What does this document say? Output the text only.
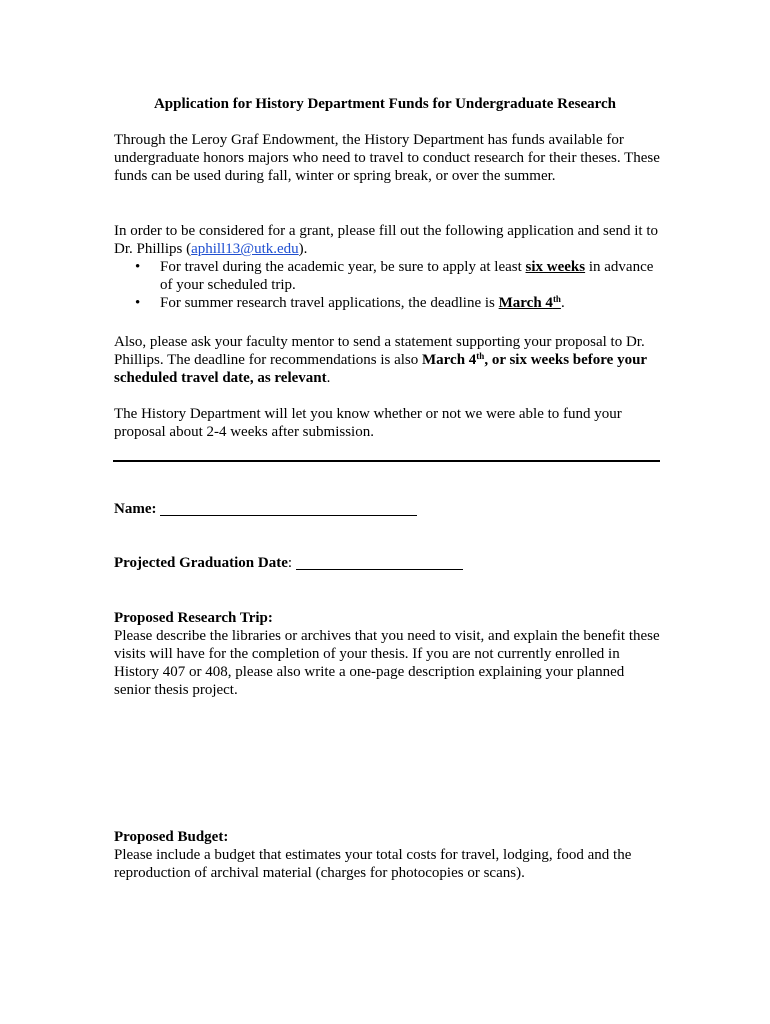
Application for History Department Funds for Undergraduate Research

Through the Leroy Graf Endowment, the History Department has funds available for undergraduate honors majors who need to travel to conduct research for their theses. These funds can be used during fall, winter or spring break, or over the summer.

In order to be considered for a grant, please fill out the following application and send it to Dr. Phillips (aphill13@utk.edu).

• For travel during the academic year, be sure to apply at least six weeks in advance of your scheduled trip.
• For summer research travel applications, the deadline is March 4th.

Also, please ask your faculty mentor to send a statement supporting your proposal to Dr. Phillips. The deadline for recommendations is also March 4th, or six weeks before your scheduled travel date, as relevant.

The History Department will let you know whether or not we were able to fund your proposal about 2-4 weeks after submission.

Name:
Projected Graduation Date:

Proposed Research Trip:

Please describe the libraries or archives that you need to visit, and explain the benefit these visits will have for the completion of your thesis. If you are not currently enrolled in History 407 or 408, please also write a one-page description explaining your planned senior thesis project.

Proposed Budget:

Please include a budget that estimates your total costs for travel, lodging, food and the reproduction of archival material (charges for photocopies or scans).
